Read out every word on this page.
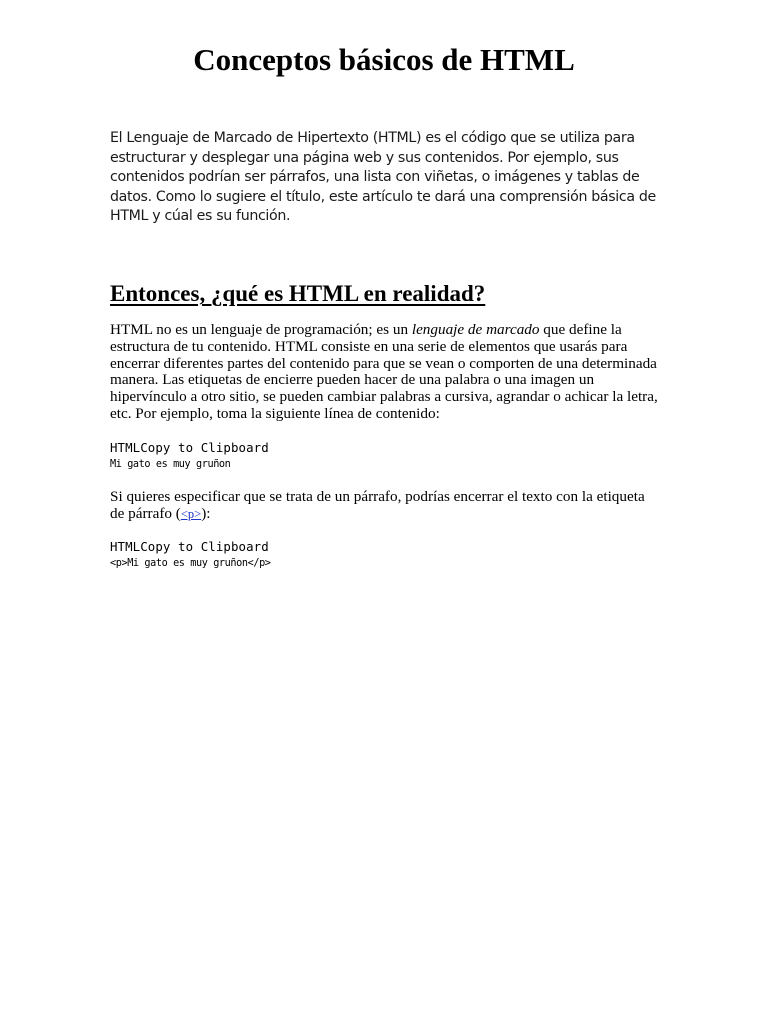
Conceptos básicos de HTML

El Lenguaje de Marcado de Hipertexto (HTML) es el código que se utiliza para estructurar y desplegar una página web y sus contenidos. Por ejemplo, sus contenidos podrían ser párrafos, una lista con viñetas, o imágenes y tablas de datos. Como lo sugiere el título, este artículo te dará una comprensión básica de HTML y cúal es su función.

Entonces, ¿qué es HTML en realidad?

HTML no es un lenguaje de programación; es un lenguaje de marcado que define la estructura de tu contenido. HTML consiste en una serie de elementos que usarás para encerrar diferentes partes del contenido para que se vean o comporten de una determinada manera. Las etiquetas de encierre pueden hacer de una palabra o una imagen un hipervínculo a otro sitio, se pueden cambiar palabras a cursiva, agrandar o achicar la letra, etc. Por ejemplo, toma la siguiente línea de contenido:

HTMLCopy to Clipboard
Mi gato es muy gruñon

Si quieres especificar que se trata de un párrafo, podrías encerrar el texto con la etiqueta de párrafo (<p>):

HTMLCopy to Clipboard
<p>Mi gato es muy gruñon</p>
